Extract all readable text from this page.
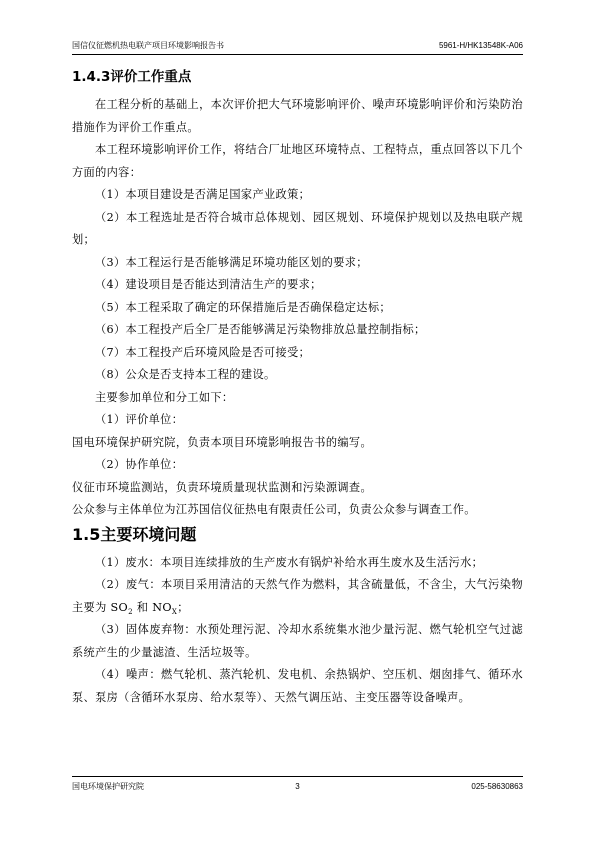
国信仪征燃机热电联产项目环境影响报告书	5961-H/HK13548K-A06
1.4.3评价工作重点

在工程分析的基础上，本次评价把大气环境影响评价、噪声环境影响评价和污染防治措施作为评价工作重点。

本工程环境影响评价工作，将结合厂址地区环境特点、工程特点，重点回答以下几个方面的内容：

（1）本项目建设是否满足国家产业政策；

（2）本工程选址是否符合城市总体规划、园区规划、环境保护规划以及热电联产规划；

（3）本工程运行是否能够满足环境功能区划的要求；

（4）建设项目是否能达到清洁生产的要求；

（5）本工程采取了确定的环保措施后是否确保稳定达标；

（6）本工程投产后全厂是否能够满足污染物排放总量控制指标；

（7）本工程投产后环境风险是否可接受；

（8）公众是否支持本工程的建设。

主要参加单位和分工如下：

（1）评价单位：

国电环境保护研究院，负责本项目环境影响报告书的编写。

（2）协作单位：

仪征市环境监测站，负责环境质量现状监测和污染源调查。

公众参与主体单位为江苏国信仪征热电有限责任公司，负责公众参与调查工作。

1.5主要环境问题

（1）废水：本项目连续排放的生产废水有锅炉补给水再生废水及生活污水；

（2）废气：本项目采用清洁的天然气作为燃料，其含硫量低，不含尘，大气污染物主要为 $SO_2$ 和 $NO_X$；

（3）固体废弃物：水预处理污泥、冷却水系统集水池少量污泥、燃气轮机空气过滤系统产生的少量滤渣、生活垃圾等。

（4）噪声：燃气轮机、蒸汽轮机、发电机、余热锅炉、空压机、烟囱排气、循环水泵、泵房（含循环水泵房、给水泵等）、天然气调压站、主变压器等设备噪声。

国电环境保护研究院	3	025-58630863
